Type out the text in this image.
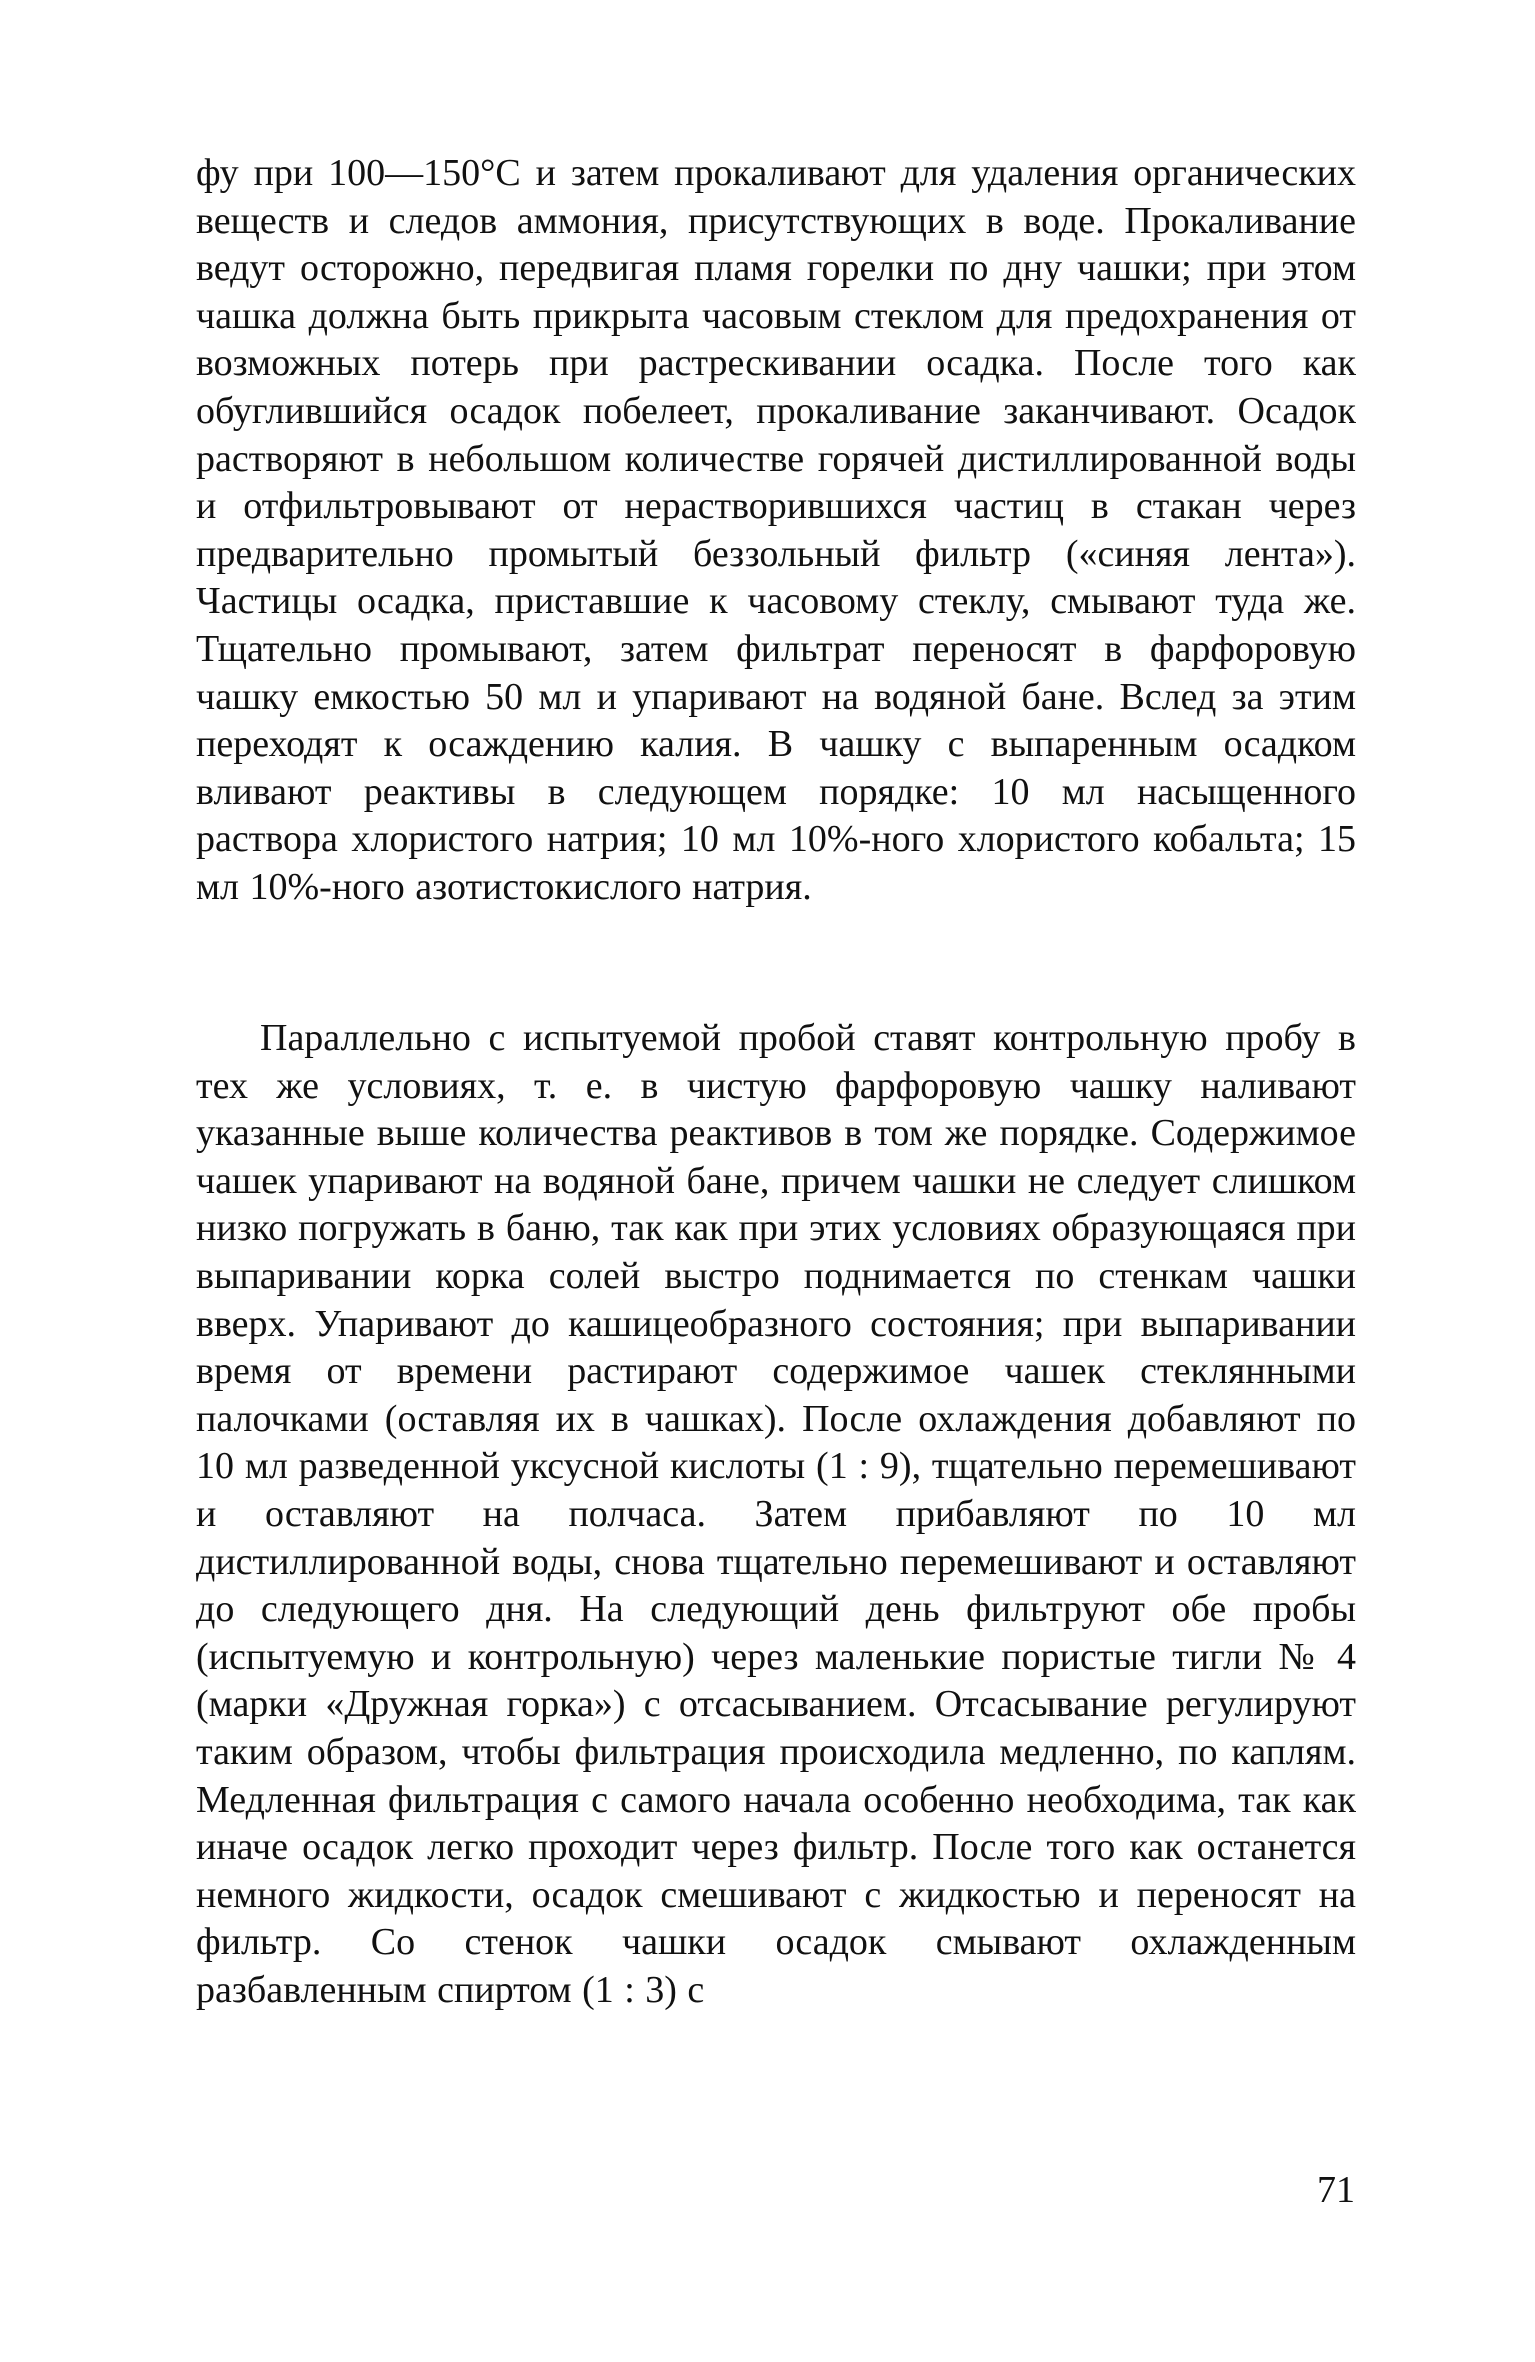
фу при 100—150°С и затем прокаливают для удаления органических веществ и следов аммония, присутствующих в воде. Прокаливание ведут осторожно, передвигая пламя горелки по дну чашки; при этом чашка должна быть прикрыта часовым стеклом для предохранения от возможных потерь при растрескивании осадка. После того как обуглившийся осадок побелеет, прокаливание заканчивают. Осадок растворяют в небольшом количестве горячей дистиллированной воды и отфильтровывают от нерастворившихся частиц в стакан через предварительно промытый беззольный фильтр («синяя лента»). Частицы осадка, приставшие к часовому стеклу, смывают туда же. Тщательно промывают, затем фильтрат переносят в фарфоровую чашку емкостью 50 мл и упаривают на водяной бане. Вслед за этим переходят к осаждению калия. В чашку с выпаренным осадком вливают реактивы в следующем порядке: 10 мл насыщенного раствора хлористого натрия; 10 мл 10%-ного хлористого кобальта; 15 мл 10%-ного азотистокислого натрия.

Параллельно с испытуемой пробой ставят контрольную пробу в тех же условиях, т. е. в чистую фарфоровую чашку наливают указанные выше количества реактивов в том же порядке. Содержимое чашек упаривают на водяной бане, причем чашки не следует слишком низко погружать в баню, так как при этих условиях образующаяся при выпаривании корка солей выстро поднимается по стенкам чашки вверх. Упаривают до кашицеобразного состояния; при выпаривании время от времени растирают содержимое чашек стеклянными палочками (оставляя их в чашках). После охлаждения добавляют по 10 мл разведенной уксусной кислоты (1 : 9), тщательно перемешивают и оставляют на полчаса. Затем прибавляют по 10 мл дистиллированной воды, снова тщательно перемешивают и оставляют до следующего дня. На следующий день фильтруют обе пробы (испытуемую и контрольную) через маленькие пористые тигли № 4 (марки «Дружная горка») с отсасыванием. Отсасывание регулируют таким образом, чтобы фильтрация происходила медленно, по каплям. Медленная фильтрация с самого начала особенно необходима, так как иначе осадок легко проходит через фильтр. После того как останется немного жидкости, осадок смешивают с жидкостью и переносят на фильтр. Со стенок чашки осадок смывают охлажденным разбавленным спиртом (1 : 3) с

71
